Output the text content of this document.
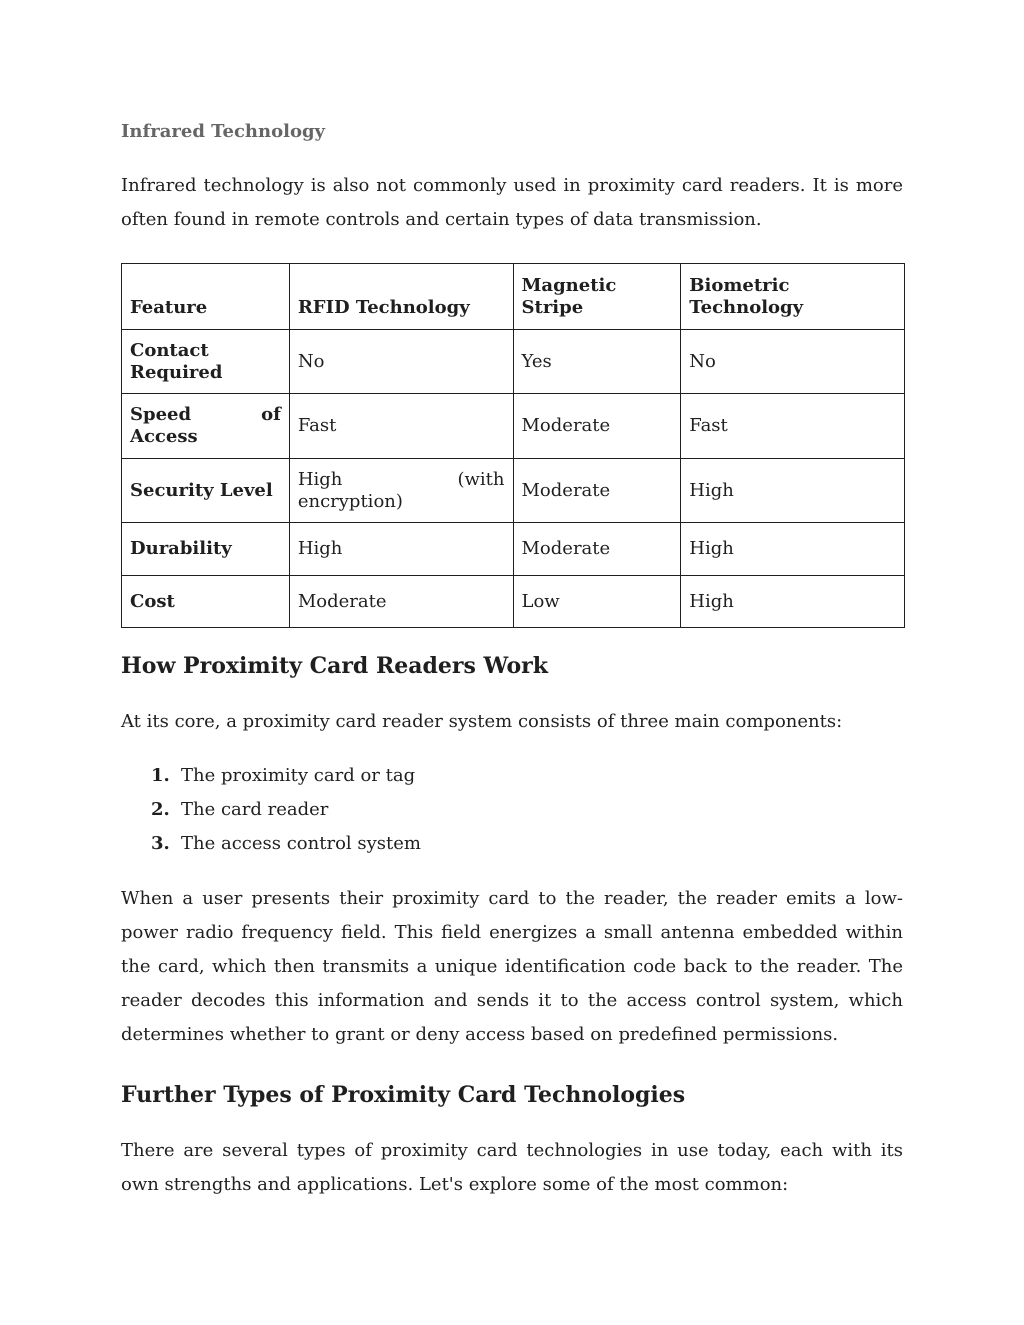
Infrared Technology

Infrared technology is also not commonly used in proximity card readers. It is more often found in remote controls and certain types of data transmission.

Feature	RFID Technology	Magnetic Stripe	Biometric Technology
Contact Required	No	Yes	No
Speed of Access	Fast	Moderate	Fast
Security Level	High (with encryption)	Moderate	High
Durability	High	Moderate	High
Cost	Moderate	Low	High
How Proximity Card Readers Work

At its core, a proximity card reader system consists of three main components:

1. The proximity card or tag
2. The card reader
3. The access control system

When a user presents their proximity card to the reader, the reader emits a low-power radio frequency field. This field energizes a small antenna embedded within the card, which then transmits a unique identification code back to the reader. The reader decodes this information and sends it to the access control system, which determines whether to grant or deny access based on predefined permissions.

Further Types of Proximity Card Technologies

There are several types of proximity card technologies in use today, each with its own strengths and applications. Let's explore some of the most common:
